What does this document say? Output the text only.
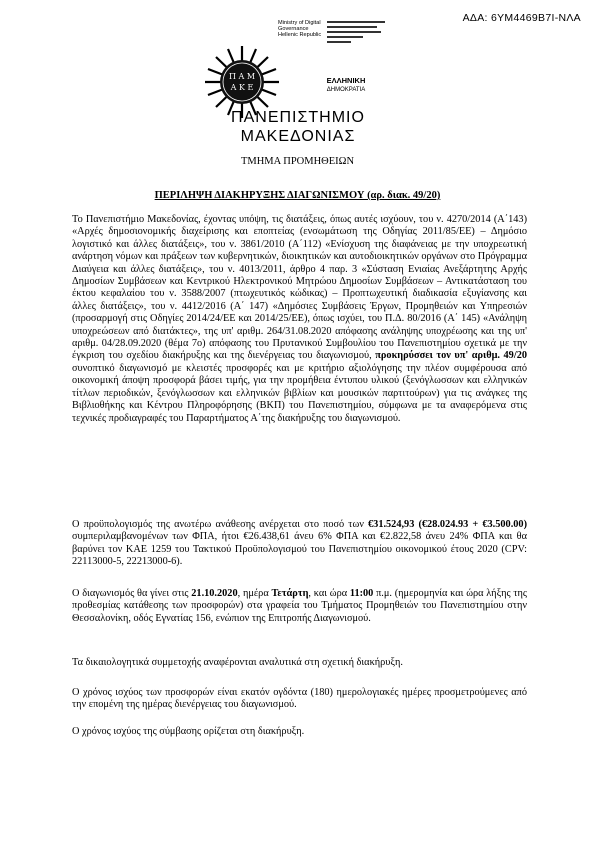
ΑΔΑ: 6ΥΜ4469Β7Ι-ΝΛΑ
Ministry of Digital
Governance
Hellenic Republic
Π Α Μ
Α Κ Ε
ΕΛΛΗΝΙΚΗ
ΔΗΜΟΚΡΑΤΙΑ
ΠΑΝΕΠΙΣΤΗΜΙΟ
ΜΑΚΕΔΟΝΙΑΣ
ΤΜΗΜΑ ΠΡΟΜΗΘΕΙΩΝ
ΠΕΡΙΛΗΨΗ ΔΙΑΚΗΡΥΞΗΣ ΔΙΑΓΩΝΙΣΜΟΥ (αρ. διακ. 49/20)
Το Πανεπιστήμιο Μακεδονίας, έχοντας υπόψη, τις διατάξεις, όπως αυτές ισχύουν, του ν. 4270/2014 (Α΄143) «Αρχές δημοσιονομικής διαχείρισης και εποπτείας (ενσωμάτωση της Οδηγίας 2011/85/ΕΕ) – Δημόσιο λογιστικό και άλλες διατάξεις», του ν. 3861/2010 (Α΄112) «Ενίσχυση της διαφάνειας με την υποχρεωτική ανάρτηση νόμων και πράξεων των κυβερνητικών, διοικητικών και αυτοδιοικητικών οργάνων στο Πρόγραμμα Διαύγεια και άλλες διατάξεις», του ν. 4013/2011, άρθρο 4 παρ. 3 «Σύσταση Ενιαίας Ανεξάρτητης Αρχής Δημοσίων Συμβάσεων και Κεντρικού Ηλεκτρονικού Μητρώου Δημοσίων Συμβάσεων – Αντικατάσταση του έκτου κεφαλαίου του ν. 3588/2007 (πτωχευτικός κώδικας) – Προπτωχευτική διαδικασία εξυγίανσης και άλλες διατάξεις», του ν. 4412/2016 (Α΄ 147) «Δημόσιες Συμβάσεις Έργων, Προμηθειών και Υπηρεσιών (προσαρμογή στις Οδηγίες 2014/24/ΕΕ και 2014/25/ΕΕ), όπως ισχύει, του Π.Δ. 80/2016 (Α΄ 145) «Ανάληψη υποχρεώσεων από διατάκτες», της υπ' αριθμ. 264/31.08.2020 απόφασης ανάληψης υποχρέωσης και της υπ' αριθμ. 04/28.09.2020 (θέμα 7ο) απόφασης του Πρυτανικού Συμβουλίου του Πανεπιστημίου σχετικά με την έγκριση του σχεδίου διακήρυξης και της διενέργειας του διαγωνισμού, προκηρύσσει τον υπ' αριθμ. 49/20 συνοπτικό διαγωνισμό με κλειστές προσφορές και με κριτήριο αξιολόγησης την πλέον συμφέρουσα από οικονομική άποψη προσφορά βάσει τιμής, για την προμήθεια έντυπου υλικού (ξενόγλωσσων και ελληνικών τίτλων περιοδικών, ξενόγλωσσων και ελληνικών βιβλίων και μουσικών παρτιτούρων) για τις ανάγκες της Βιβλιοθήκης και Κέντρου Πληροφόρησης (ΒΚΠ) του Πανεπιστημίου, σύμφωνα με τα αναφερόμενα στις τεχνικές προδιαγραφές του Παραρτήματος Α΄της διακήρυξης του διαγωνισμού.
Ο προϋπολογισμός της ανωτέρω ανάθεσης ανέρχεται στο ποσό των €31.524,93 (€28.024.93 + €3.500.00) συμπεριλαμβανομένων των ΦΠΑ, ήτοι €26.438,61 άνευ 6% ΦΠΑ και €2.822,58 άνευ 24% ΦΠΑ και θα βαρύνει τον ΚΑΕ 1259 του Τακτικού Προϋπολογισμού του Πανεπιστημίου οικονομικού έτους 2020 (CPV: 22113000-5, 22213000-6).
Ο διαγωνισμός θα γίνει στις 21.10.2020, ημέρα Τετάρτη, και ώρα 11:00 π.μ. (ημερομηνία και ώρα λήξης της προθεσμίας κατάθεσης των προσφορών) στα γραφεία του Τμήματος Προμηθειών του Πανεπιστημίου στην Θεσσαλονίκη, οδός Εγνατίας 156, ενώπιον της Επιτροπής Διαγωνισμού.
Τα δικαιολογητικά συμμετοχής αναφέρονται αναλυτικά στη σχετική διακήρυξη.
Ο χρόνος ισχύος των προσφορών είναι εκατόν ογδόντα (180) ημερολογιακές ημέρες προσμετρούμενες από την επομένη της ημέρας διενέργειας του διαγωνισμού.
Ο χρόνος ισχύος της σύμβασης ορίζεται στη διακήρυξη.
